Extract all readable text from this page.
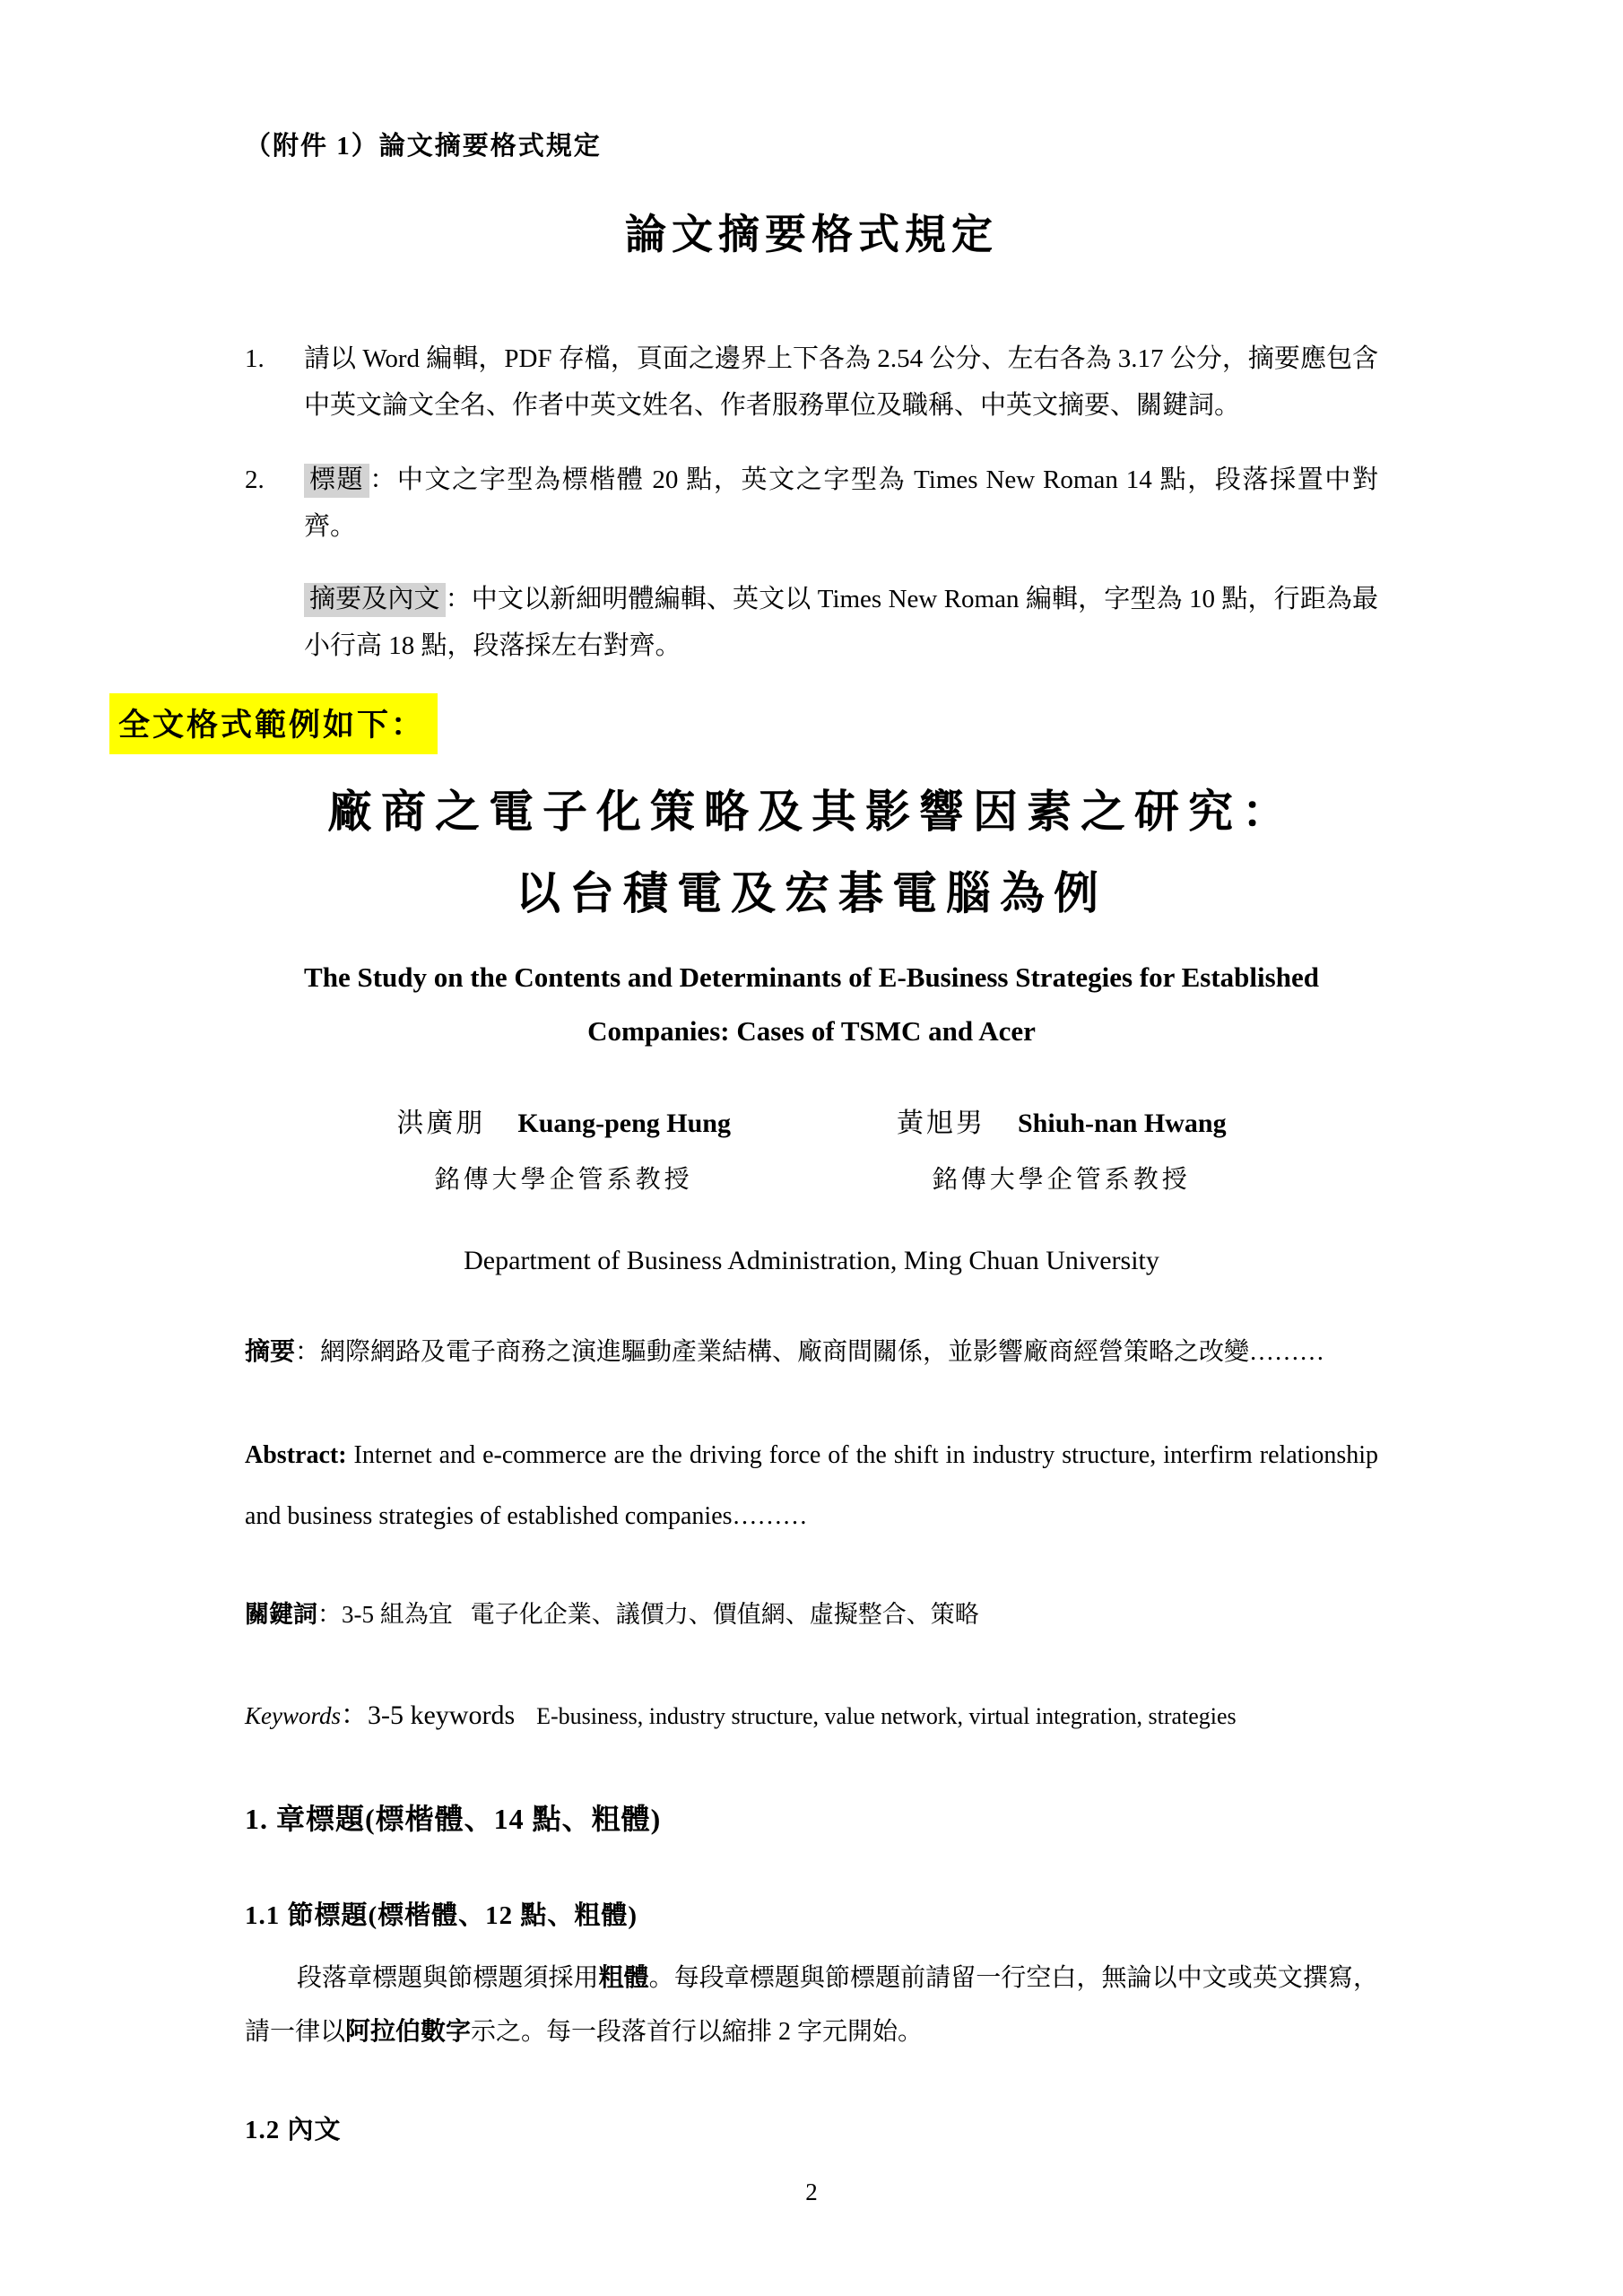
（附件 1）論文摘要格式規定
論文摘要格式規定
1.	請以 Word 編輯，PDF 存檔，頁面之邊界上下各為 2.54 公分、左右各為 3.17 公分，摘要應包含中英文論文全名、作者中英文姓名、作者服務單位及職稱、中英文摘要、關鍵詞。
2.	標題 ：中文之字型為標楷體 20 點，英文之字型為 Times New Roman 14 點，段落採置中對齊。
摘要及內文 ：中文以新細明體編輯、英文以 Times New Roman 編輯，字型為 10 點，行距為最小行高 18 點，段落採左右對齊。
全文格式範例如下：
廠商之電子化策略及其影響因素之研究：
以台積電及宏碁電腦為例
The Study on the Contents and Determinants of E-Business Strategies for Established Companies: Cases of TSMC and Acer
洪廣朋 Kuang-peng Hung
銘傳大學企管系教授
黃旭男 Shiuh-nan Hwang
銘傳大學企管系教授
Department of Business Administration, Ming Chuan University
摘要：網際網路及電子商務之演進驅動產業結構、廠商間關係，並影響廠商經營策略之改變………
Abstract: Internet and e-commerce are the driving force of the shift in industry structure, interfirm relationship and business strategies of established companies………
關鍵詞：3-5 組為宜 電子化企業、議價力、價值網、虛擬整合、策略
Keywords：3-5 keywords E-business, industry structure, value network, virtual integration, strategies
1. 章標題(標楷體、14 點、粗體)
1.1 節標題(標楷體、12 點、粗體)
段落章標題與節標題須採用粗體。每段章標題與節標題前請留一行空白，無論以中文或英文撰寫，請一律以阿拉伯數字示之。每一段落首行以縮排 2 字元開始。
1.2 內文
2
